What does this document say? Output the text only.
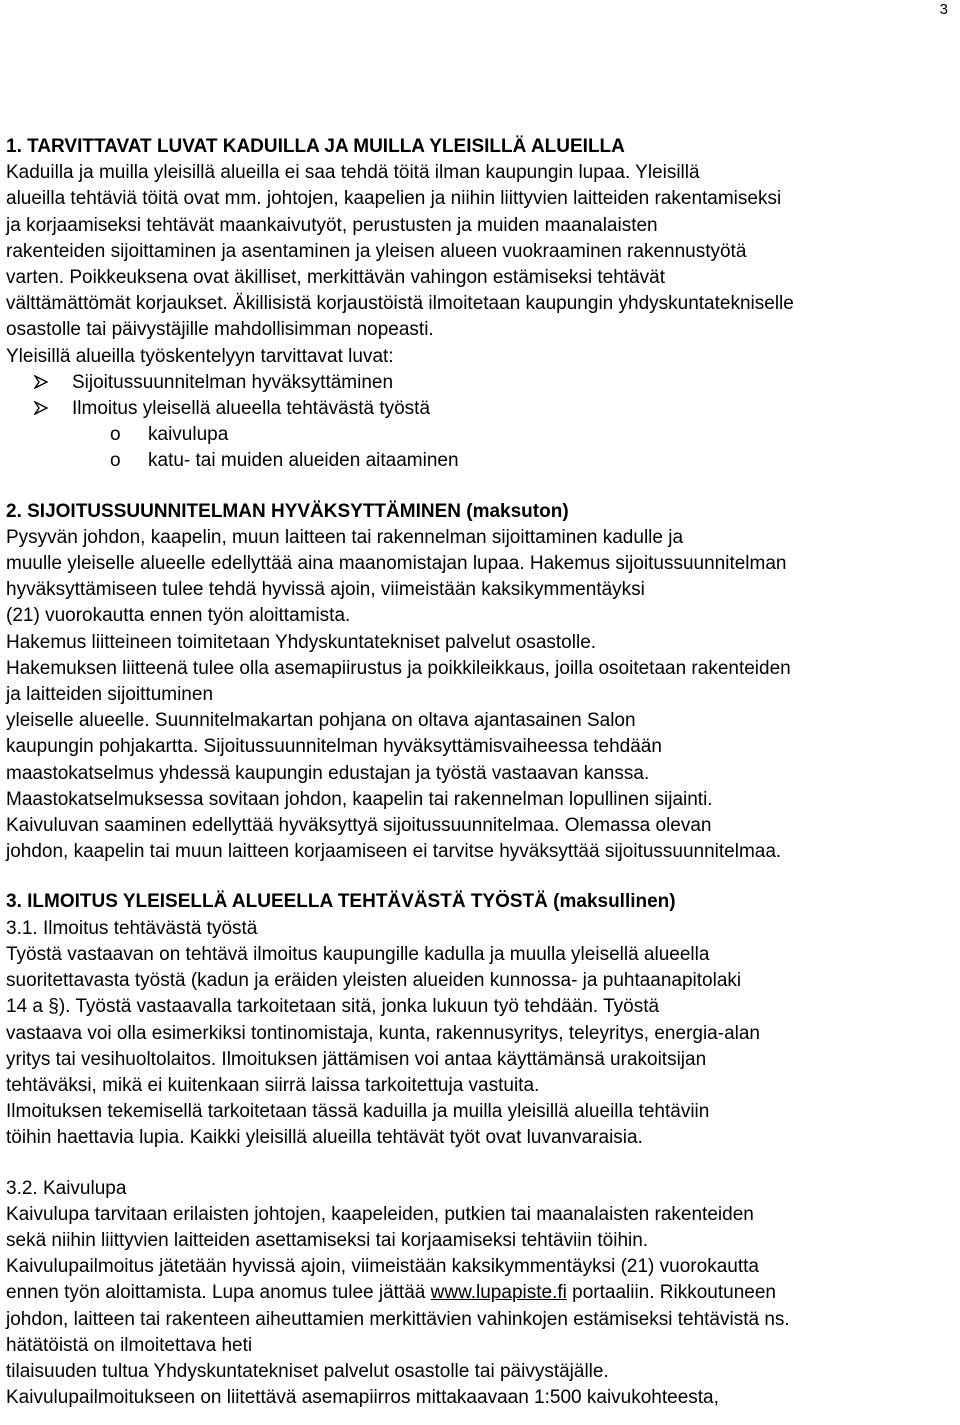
3
1. TARVITTAVAT LUVAT KADUILLA JA MUILLA YLEISILLÄ ALUEILLA
Kaduilla ja muilla yleisillä alueilla ei saa tehdä töitä ilman kaupungin lupaa. Yleisillä
alueilla tehtäviä töitä ovat mm. johtojen, kaapelien ja niihin liittyvien laitteiden rakentamiseksi
ja korjaamiseksi tehtävät maankaivutyöt, perustusten ja muiden maanalaisten
rakenteiden sijoittaminen ja asentaminen ja yleisen alueen vuokraaminen rakennustyötä
varten. Poikkeuksena ovat äkilliset, merkittävän vahingon estämiseksi tehtävät
välttämättömät korjaukset. Äkillisistä korjaustöistä ilmoitetaan kaupungin yhdyskuntatekniselle
osastolle tai päivystäjille mahdollisimman nopeasti.
Yleisillä alueilla työskentelyyn tarvittavat luvat:
Sijoitussuunnitelman hyväksyttäminen
Ilmoitus yleisellä alueella tehtävästä työstä
o kaivulupa
o katu- tai muiden alueiden aitaaminen
2. SIJOITUSSUUNNITELMAN HYVÄKSYTTÄMINEN (maksuton)
Pysyvän johdon, kaapelin, muun laitteen tai rakennelman sijoittaminen kadulle ja
muulle yleiselle alueelle edellyttää aina maanomistajan lupaa. Hakemus sijoitussuunnitelman
hyväksyttämiseen tulee tehdä hyvissä ajoin, viimeistään kaksikymmentäyksi
(21) vuorokautta ennen työn aloittamista.
Hakemus liitteineen toimitetaan Yhdyskuntatekniset palvelut osastolle.
Hakemuksen liitteenä tulee olla asemapiirustus ja poikkileikkaus, joilla osoitetaan rakenteiden
ja laitteiden sijoittuminen
yleiselle alueelle. Suunnitelmakartan pohjana on oltava ajantasainen Salon
kaupungin pohjakartta. Sijoitussuunnitelman hyväksyttämisvaiheessa tehdään
maastokatselmus yhdessä kaupungin edustajan ja työstä vastaavan kanssa.
Maastokatselmuksessa sovitaan johdon, kaapelin tai rakennelman lopullinen sijainti.
Kaivuluvan saaminen edellyttää hyväksyttyä sijoitussuunnitelmaa. Olemassa olevan
johdon, kaapelin tai muun laitteen korjaamiseen ei tarvitse hyväksyttää sijoitussuunnitelmaa.
3. ILMOITUS YLEISELLÄ ALUEELLA TEHTÄVÄSTÄ TYÖSTÄ (maksullinen)
3.1. Ilmoitus tehtävästä työstä
Työstä vastaavan on tehtävä ilmoitus kaupungille kadulla ja muulla yleisellä alueella
suoritettavasta työstä (kadun ja eräiden yleisten alueiden kunnossa- ja puhtaanapitolaki
14 a §). Työstä vastaavalla tarkoitetaan sitä, jonka lukuun työ tehdään. Työstä
vastaava voi olla esimerkiksi tontinomistaja, kunta, rakennusyritys, teleyritys, energia-alan
yritys tai vesihuoltolaitos. Ilmoituksen jättämisen voi antaa käyttämänsä urakoitsijan
tehtäväksi, mikä ei kuitenkaan siirrä laissa tarkoitettuja vastuita.
Ilmoituksen tekemisellä tarkoitetaan tässä kaduilla ja muilla yleisillä alueilla tehtäviin
töihin haettavia lupia. Kaikki yleisillä alueilla tehtävät työt ovat luvanvaraisia.
3.2. Kaivulupa
Kaivulupa tarvitaan erilaisten johtojen, kaapeleiden, putkien tai maanalaisten rakenteiden
sekä niihin liittyvien laitteiden asettamiseksi tai korjaamiseksi tehtäviin töihin.
Kaivulupailmoitus jätetään hyvissä ajoin, viimeistään kaksikymmentäyksi (21) vuorokautta
ennen työn aloittamista. Lupa anomus tulee jättää www.lupapiste.fi portaaliin. Rikkoutuneen
johdon, laitteen tai rakenteen aiheuttamien merkittävien vahinkojen estämiseksi tehtävistä ns.
hätätöistä on ilmoitettava heti
tilaisuuden tultua Yhdyskuntatekniset palvelut osastolle tai päivystäjälle.
Kaivulupailmoitukseen on liitettävä asemapiirros mittakaavaan 1:500 kaivukohteesta,
